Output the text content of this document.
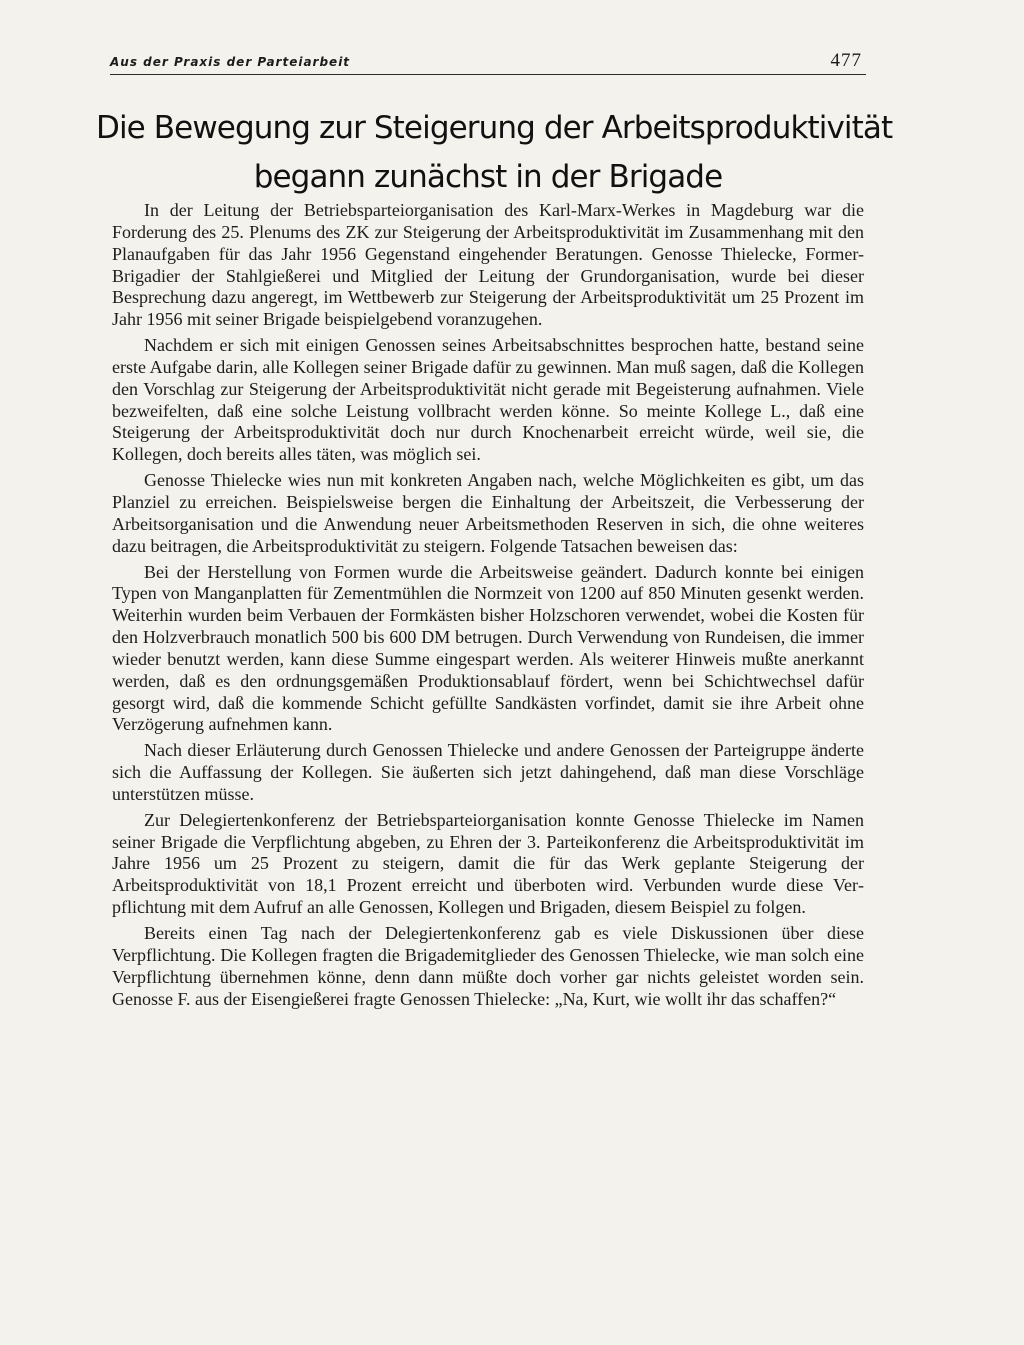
Aus der Praxis der Parteiarbeit	477
Die Bewegung zur Steigerung der Arbeitsproduktivität
begann zunächst in der Brigade

In der Leitung der Betriebsparteiorganisation des Karl-Marx-Werkes in Magdeburg war die Forderung des 25. Plenums des ZK zur Steigerung der Arbeitsproduktivität im Zusammenhang mit den Planaufgaben für das Jahr 1956 Gegenstand eingehender Beratungen. Genosse Thielecke, Former-Brigadier der Stahlgießerei und Mitglied der Leitung der Grundorganisation, wurde bei dieser Besprechung dazu angeregt, im Wettbewerb zur Steigerung der Arbeitsproduktivität um 25 Prozent im Jahr 1956 mit seiner Brigade beispielgebend voranzugehen.

Nachdem er sich mit einigen Genossen seines Arbeitsabschnittes besprochen hatte, bestand seine erste Aufgabe darin, alle Kollegen seiner Brigade dafür zu gewinnen. Man muß sagen, daß die Kollegen den Vorschlag zur Steigerung der Arbeitsproduktivität nicht gerade mit Begeisterung aufnahmen. Viele bezweifelten, daß eine solche Leistung vollbracht werden könne. So meinte Kollege L., daß eine Steigerung der Arbeitsproduktivität doch nur durch Knochenarbeit erreicht würde, weil sie, die Kollegen, doch bereits alles täten, was möglich sei.

Genosse Thielecke wies nun mit konkreten Angaben nach, welche Möglichkeiten es gibt, um das Planziel zu erreichen. Beispielsweise bergen die Einhaltung der Arbeitszeit, die Verbesserung der Arbeitsorganisation und die Anwendung neuer Arbeitsmethoden Reserven in sich, die ohne weiteres dazu beitragen, die Arbeitsproduktivität zu steigern. Folgende Tatsachen beweisen das:

Bei der Herstellung von Formen wurde die Arbeitsweise geändert. Dadurch konnte bei einigen Typen von Manganplatten für Zementmühlen die Normzeit von 1200 auf 850 Minuten gesenkt werden. Weiterhin wurden beim Verbauen der Formkästen bisher Holzschoren verwendet, wobei die Kosten für den Holzverbrauch monatlich 500 bis 600 DM betrugen. Durch Verwendung von Rundeisen, die immer wieder benutzt werden, kann diese Summe eingespart werden. Als weiterer Hinweis mußte anerkannt werden, daß es den ordnungsgemäßen Produktionsablauf fördert, wenn bei Schichtwechsel dafür gesorgt wird, daß die kommende Schicht gefüllte Sandkästen vorfindet, damit sie ihre Arbeit ohne Verzögerung aufnehmen kann.

Nach dieser Erläuterung durch Genossen Thielecke und andere Genossen der Parteigruppe änderte sich die Auffassung der Kollegen. Sie äußerten sich jetzt dahingehend, daß man diese Vorschläge unterstützen müsse.

Zur Delegiertenkonferenz der Betriebsparteiorganisation konnte Genosse Thielecke im Namen seiner Brigade die Verpflichtung abgeben, zu Ehren der 3. Parteikonferenz die Arbeitsproduktivität im Jahre 1956 um 25 Prozent zu steigern, damit die für das Werk geplante Steigerung der Arbeitsproduktivität von 18,1 Prozent erreicht und überboten wird. Verbunden wurde diese Verpflichtung mit dem Aufruf an alle Genossen, Kollegen und Brigaden, diesem Beispiel zu folgen.

Bereits einen Tag nach der Delegiertenkonferenz gab es viele Diskussionen über diese Verpflichtung. Die Kollegen fragten die Brigademitglieder des Genossen Thielecke, wie man solch eine Verpflichtung übernehmen könne, denn dann müßte doch vorher gar nichts geleistet worden sein. Genosse F. aus der Eisengießerei fragte Genossen Thielecke: „Na, Kurt, wie wollt ihr das schaffen?“
